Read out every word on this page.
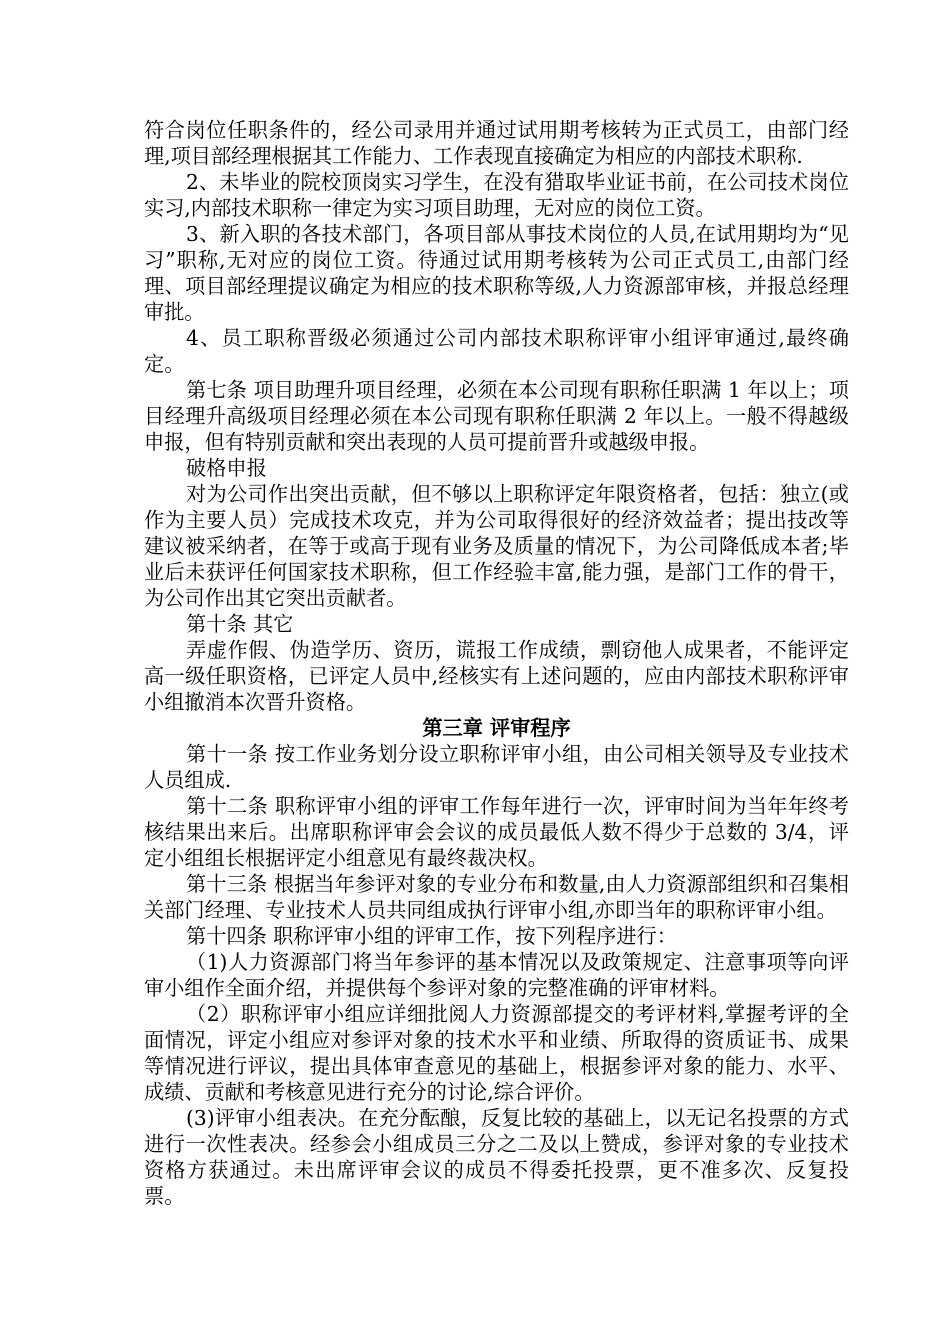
符合岗位任职条件的，经公司录用并通过试用期考核转为正式员工，由部门经理,项目部经理根据其工作能力、工作表现直接确定为相应的内部技术职称.

2、未毕业的院校顶岗实习学生，在没有猎取毕业证书前，在公司技术岗位实习,内部技术职称一律定为实习项目助理，无对应的岗位工资。

3、新入职的各技术部门，各项目部从事技术岗位的人员,在试用期均为“见习”职称,无对应的岗位工资。待通过试用期考核转为公司正式员工,由部门经理、项目部经理提议确定为相应的技术职称等级,人力资源部审核，并报总经理审批。

4、员工职称晋级必须通过公司内部技术职称评审小组评审通过,最终确定。

第七条 项目助理升项目经理，必须在本公司现有职称任职满 1 年以上；项目经理升高级项目经理必须在本公司现有职称任职满 2 年以上。一般不得越级申报，但有特别贡献和突出表现的人员可提前晋升或越级申报。

破格申报

对为公司作出突出贡献，但不够以上职称评定年限资格者，包括：独立(或作为主要人员）完成技术攻克，并为公司取得很好的经济效益者；提出技改等建议被采纳者，在等于或高于现有业务及质量的情况下，为公司降低成本者;毕业后未获评任何国家技术职称，但工作经验丰富,能力强，是部门工作的骨干，为公司作出其它突出贡献者。

第十条 其它

弄虚作假、伪造学历、资历，谎报工作成绩，剽窃他人成果者，不能评定高一级任职资格，已评定人员中,经核实有上述问题的，应由内部技术职称评审小组撤消本次晋升资格。

第三章 评审程序

第十一条 按工作业务划分设立职称评审小组，由公司相关领导及专业技术人员组成.

第十二条 职称评审小组的评审工作每年进行一次，评审时间为当年年终考核结果出来后。出席职称评审会会议的成员最低人数不得少于总数的 3/4，评定小组组长根据评定小组意见有最终裁决权。

第十三条 根据当年参评对象的专业分布和数量,由人力资源部组织和召集相关部门经理、专业技术人员共同组成执行评审小组,亦即当年的职称评审小组。

第十四条 职称评审小组的评审工作，按下列程序进行：

（1)人力资源部门将当年参评的基本情况以及政策规定、注意事项等向评审小组作全面介绍，并提供每个参评对象的完整准确的评审材料。

（2）职称评审小组应详细批阅人力资源部提交的考评材料,掌握考评的全面情况，评定小组应对参评对象的技术水平和业绩、所取得的资质证书、成果等情况进行评议，提出具体审查意见的基础上，根据参评对象的能力、水平、成绩、贡献和考核意见进行充分的讨论,综合评价。

(3)评审小组表决。在充分酝酿，反复比较的基础上，以无记名投票的方式进行一次性表决。经参会小组成员三分之二及以上赞成，参评对象的专业技术资格方获通过。未出席评审会议的成员不得委托投票，更不准多次、反复投票。
